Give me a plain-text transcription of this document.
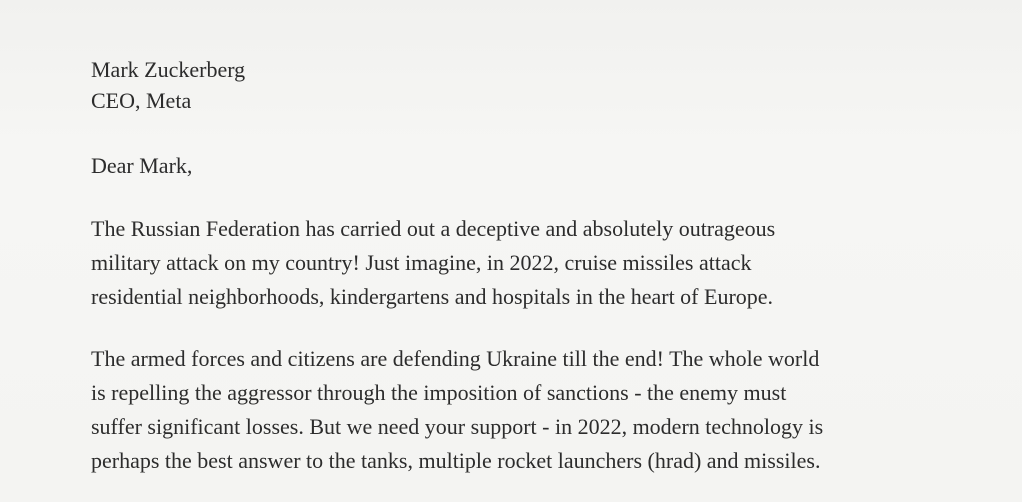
Mark Zuckerberg
CEO, Meta
Dear Mark,
The Russian Federation has carried out a deceptive and absolutely outrageous
military attack on my country! Just imagine, in 2022, cruise missiles attack
residential neighborhoods, kindergartens and hospitals in the heart of Europe.
The armed forces and citizens are defending Ukraine till the end! The whole world
is repelling the aggressor through the imposition of sanctions - the enemy must
suffer significant losses. But we need your support - in 2022, modern technology is
perhaps the best answer to the tanks, multiple rocket launchers (hrad) and missiles.
